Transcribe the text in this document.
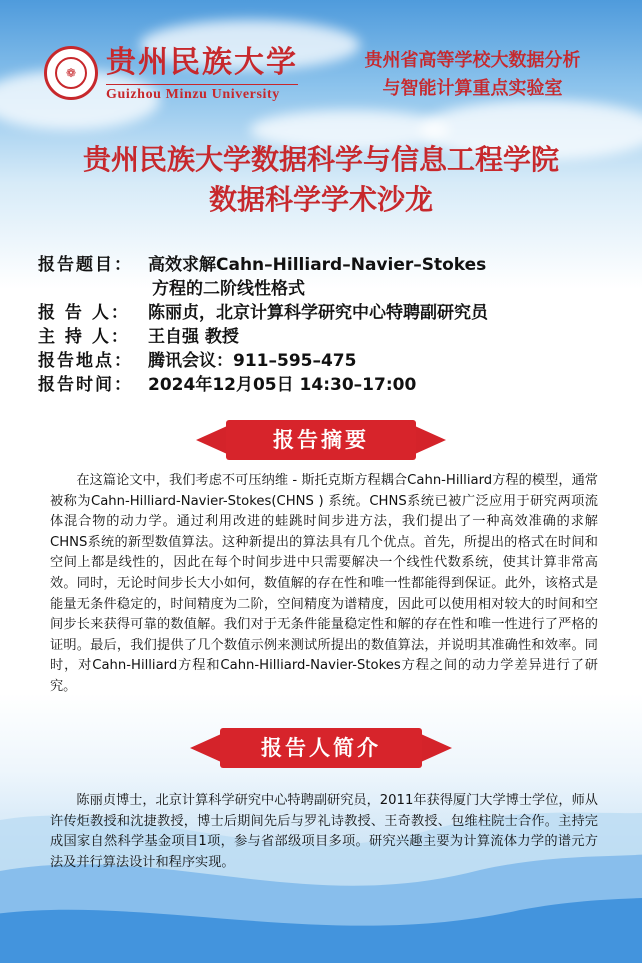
❁ 贵州民族大学
Guizhou Minzu University
贵州省高等学校大数据分析
与智能计算重点实验室
贵州民族大学数据科学与信息工程学院
数据科学学术沙龙
报告题目： 高效求解Cahn–Hilliard–Navier–Stokes
方程的二阶线性格式
报 告 人：	陈丽贞，北京计算科学研究中心特聘副研究员
主 持 人：	王自强 教授
报告地点： 腾讯会议：911–595–475
报告时间： 2024年12月05日 14:30–17:00
报告摘要
在这篇论文中，我们考虑不可压纳维 - 斯托克斯方程耦合Cahn-Hilliard方程的模型，通常被称为Cahn-Hilliard-Navier-Stokes(CHNS ) 系统。CHNS系统已被广泛应用于研究两项流体混合物的动力学。通过利用改进的蛙跳时间步进方法，我们提出了一种高效准确的求解CHNS系统的新型数值算法。这种新提出的算法具有几个优点。首先，所提出的格式在时间和空间上都是线性的，因此在每个时间步进中只需要解决一个线性代数系统，使其计算非常高效。同时，无论时间步长大小如何，数值解的存在性和唯一性都能得到保证。此外，该格式是能量无条件稳定的，时间精度为二阶，空间精度为谱精度，因此可以使用相对较大的时间和空间步长来获得可靠的数值解。我们对于无条件能量稳定性和解的存在性和唯一性进行了严格的证明。最后，我们提供了几个数值示例来测试所提出的数值算法，并说明其准确性和效率。同时，对Cahn-Hilliard方程和Cahn-Hilliard-Navier-Stokes方程之间的动力学差异进行了研究。
报告人简介
陈丽贞博士，北京计算科学研究中心特聘副研究员，2011年获得厦门大学博士学位，师从许传炬教授和沈捷教授，博士后期间先后与罗礼诗教授、王奇教授、包维柱院士合作。主持完成国家自然科学基金项目1项，参与省部级项目多项。研究兴趣主要为计算流体力学的谱元方法及并行算法设计和程序实现。
